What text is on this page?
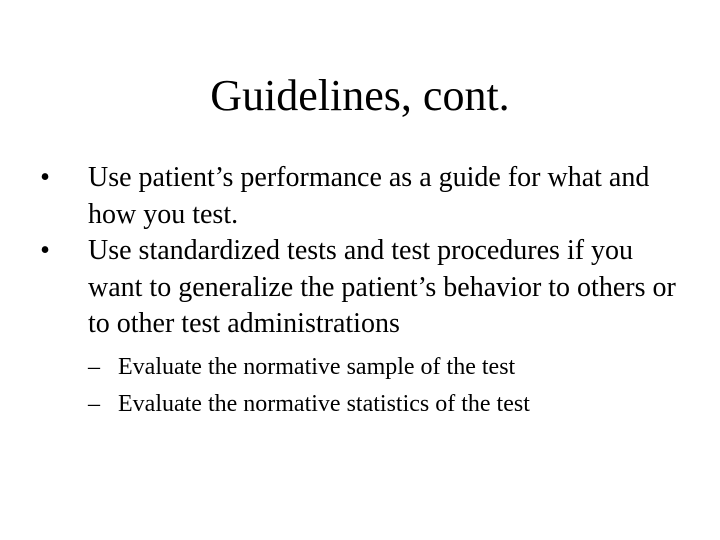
Guidelines, cont.
•	Use patient’s performance as a guide for what and how you test.
•	Use standardized tests and test procedures if you want to generalize the patient’s behavior to others or to other test administrations
– Evaluate the normative sample of the test
– Evaluate the normative statistics of the test
